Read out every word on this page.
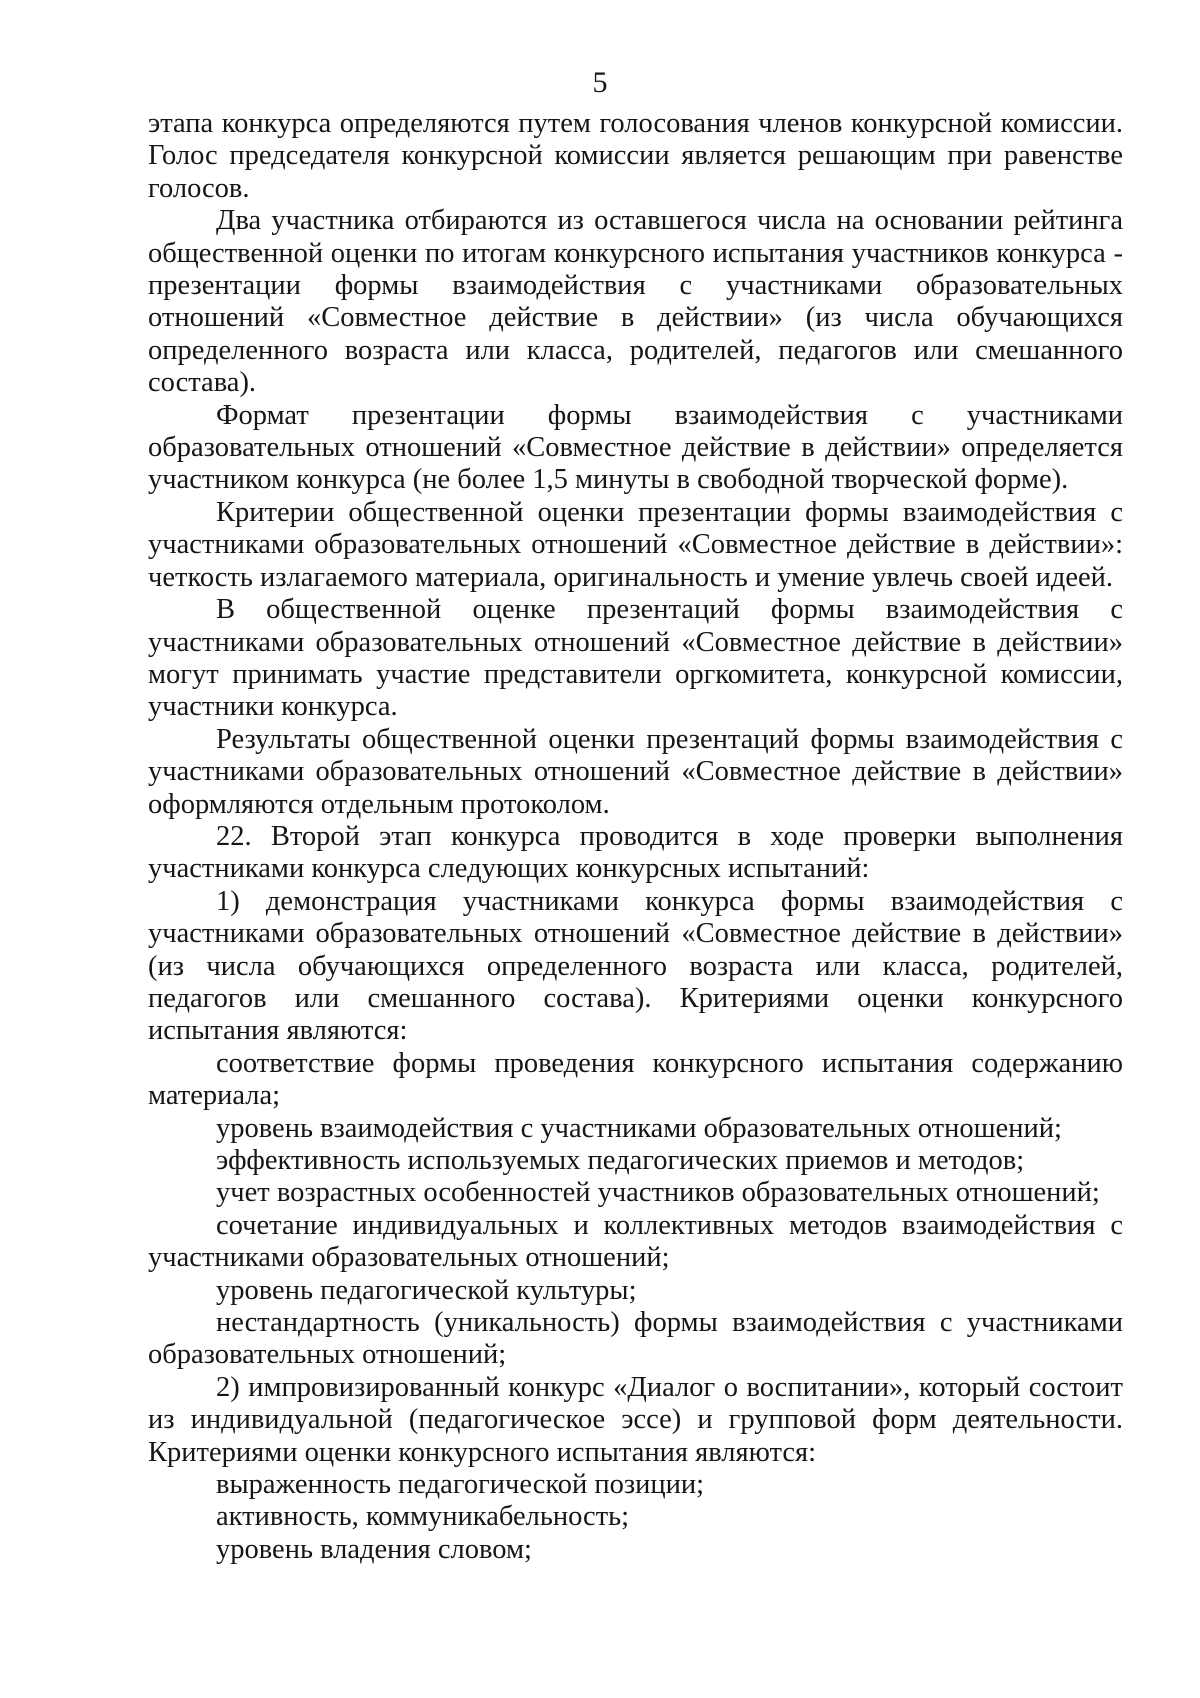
5

этапа конкурса определяются путем голосования членов конкурсной комиссии. Голос председателя конкурсной комиссии является решающим при равенстве голосов.

Два участника отбираются из оставшегося числа на основании рейтинга общественной оценки по итогам конкурсного испытания участников конкурса - презентации формы взаимодействия с участниками образовательных отношений «Совместное действие в действии» (из числа обучающихся определенного возраста или класса, родителей, педагогов или смешанного состава).

Формат презентации формы взаимодействия с участниками образовательных отношений «Совместное действие в действии» определяется участником конкурса (не более 1,5 минуты в свободной творческой форме).

Критерии общественной оценки презентации формы взаимодействия с участниками образовательных отношений «Совместное действие в действии»: четкость излагаемого материала, оригинальность и умение увлечь своей идеей.

В общественной оценке презентаций формы взаимодействия с участниками образовательных отношений «Совместное действие в действии» могут принимать участие представители оргкомитета, конкурсной комиссии, участники конкурса.

Результаты общественной оценки презентаций формы взаимодействия с участниками образовательных отношений «Совместное действие в действии» оформляются отдельным протоколом.

22. Второй этап конкурса проводится в ходе проверки выполнения участниками конкурса следующих конкурсных испытаний:

1) демонстрация участниками конкурса формы взаимодействия с участниками образовательных отношений «Совместное действие в действии» (из числа обучающихся определенного возраста или класса, родителей, педагогов или смешанного состава). Критериями оценки конкурсного испытания являются:

соответствие формы проведения конкурсного испытания содержанию материала;
уровень взаимодействия с участниками образовательных отношений;
эффективность используемых педагогических приемов и методов;
учет возрастных особенностей участников образовательных отношений;
сочетание индивидуальных и коллективных методов взаимодействия с участниками образовательных отношений;
уровень педагогической культуры;
нестандартность (уникальность) формы взаимодействия с участниками образовательных отношений;

2) импровизированный конкурс «Диалог о воспитании», который состоит из индивидуальной (педагогическое эссе) и групповой форм деятельности. Критериями оценки конкурсного испытания являются:

выраженность педагогической позиции;
активность, коммуникабельность;
уровень владения словом;
